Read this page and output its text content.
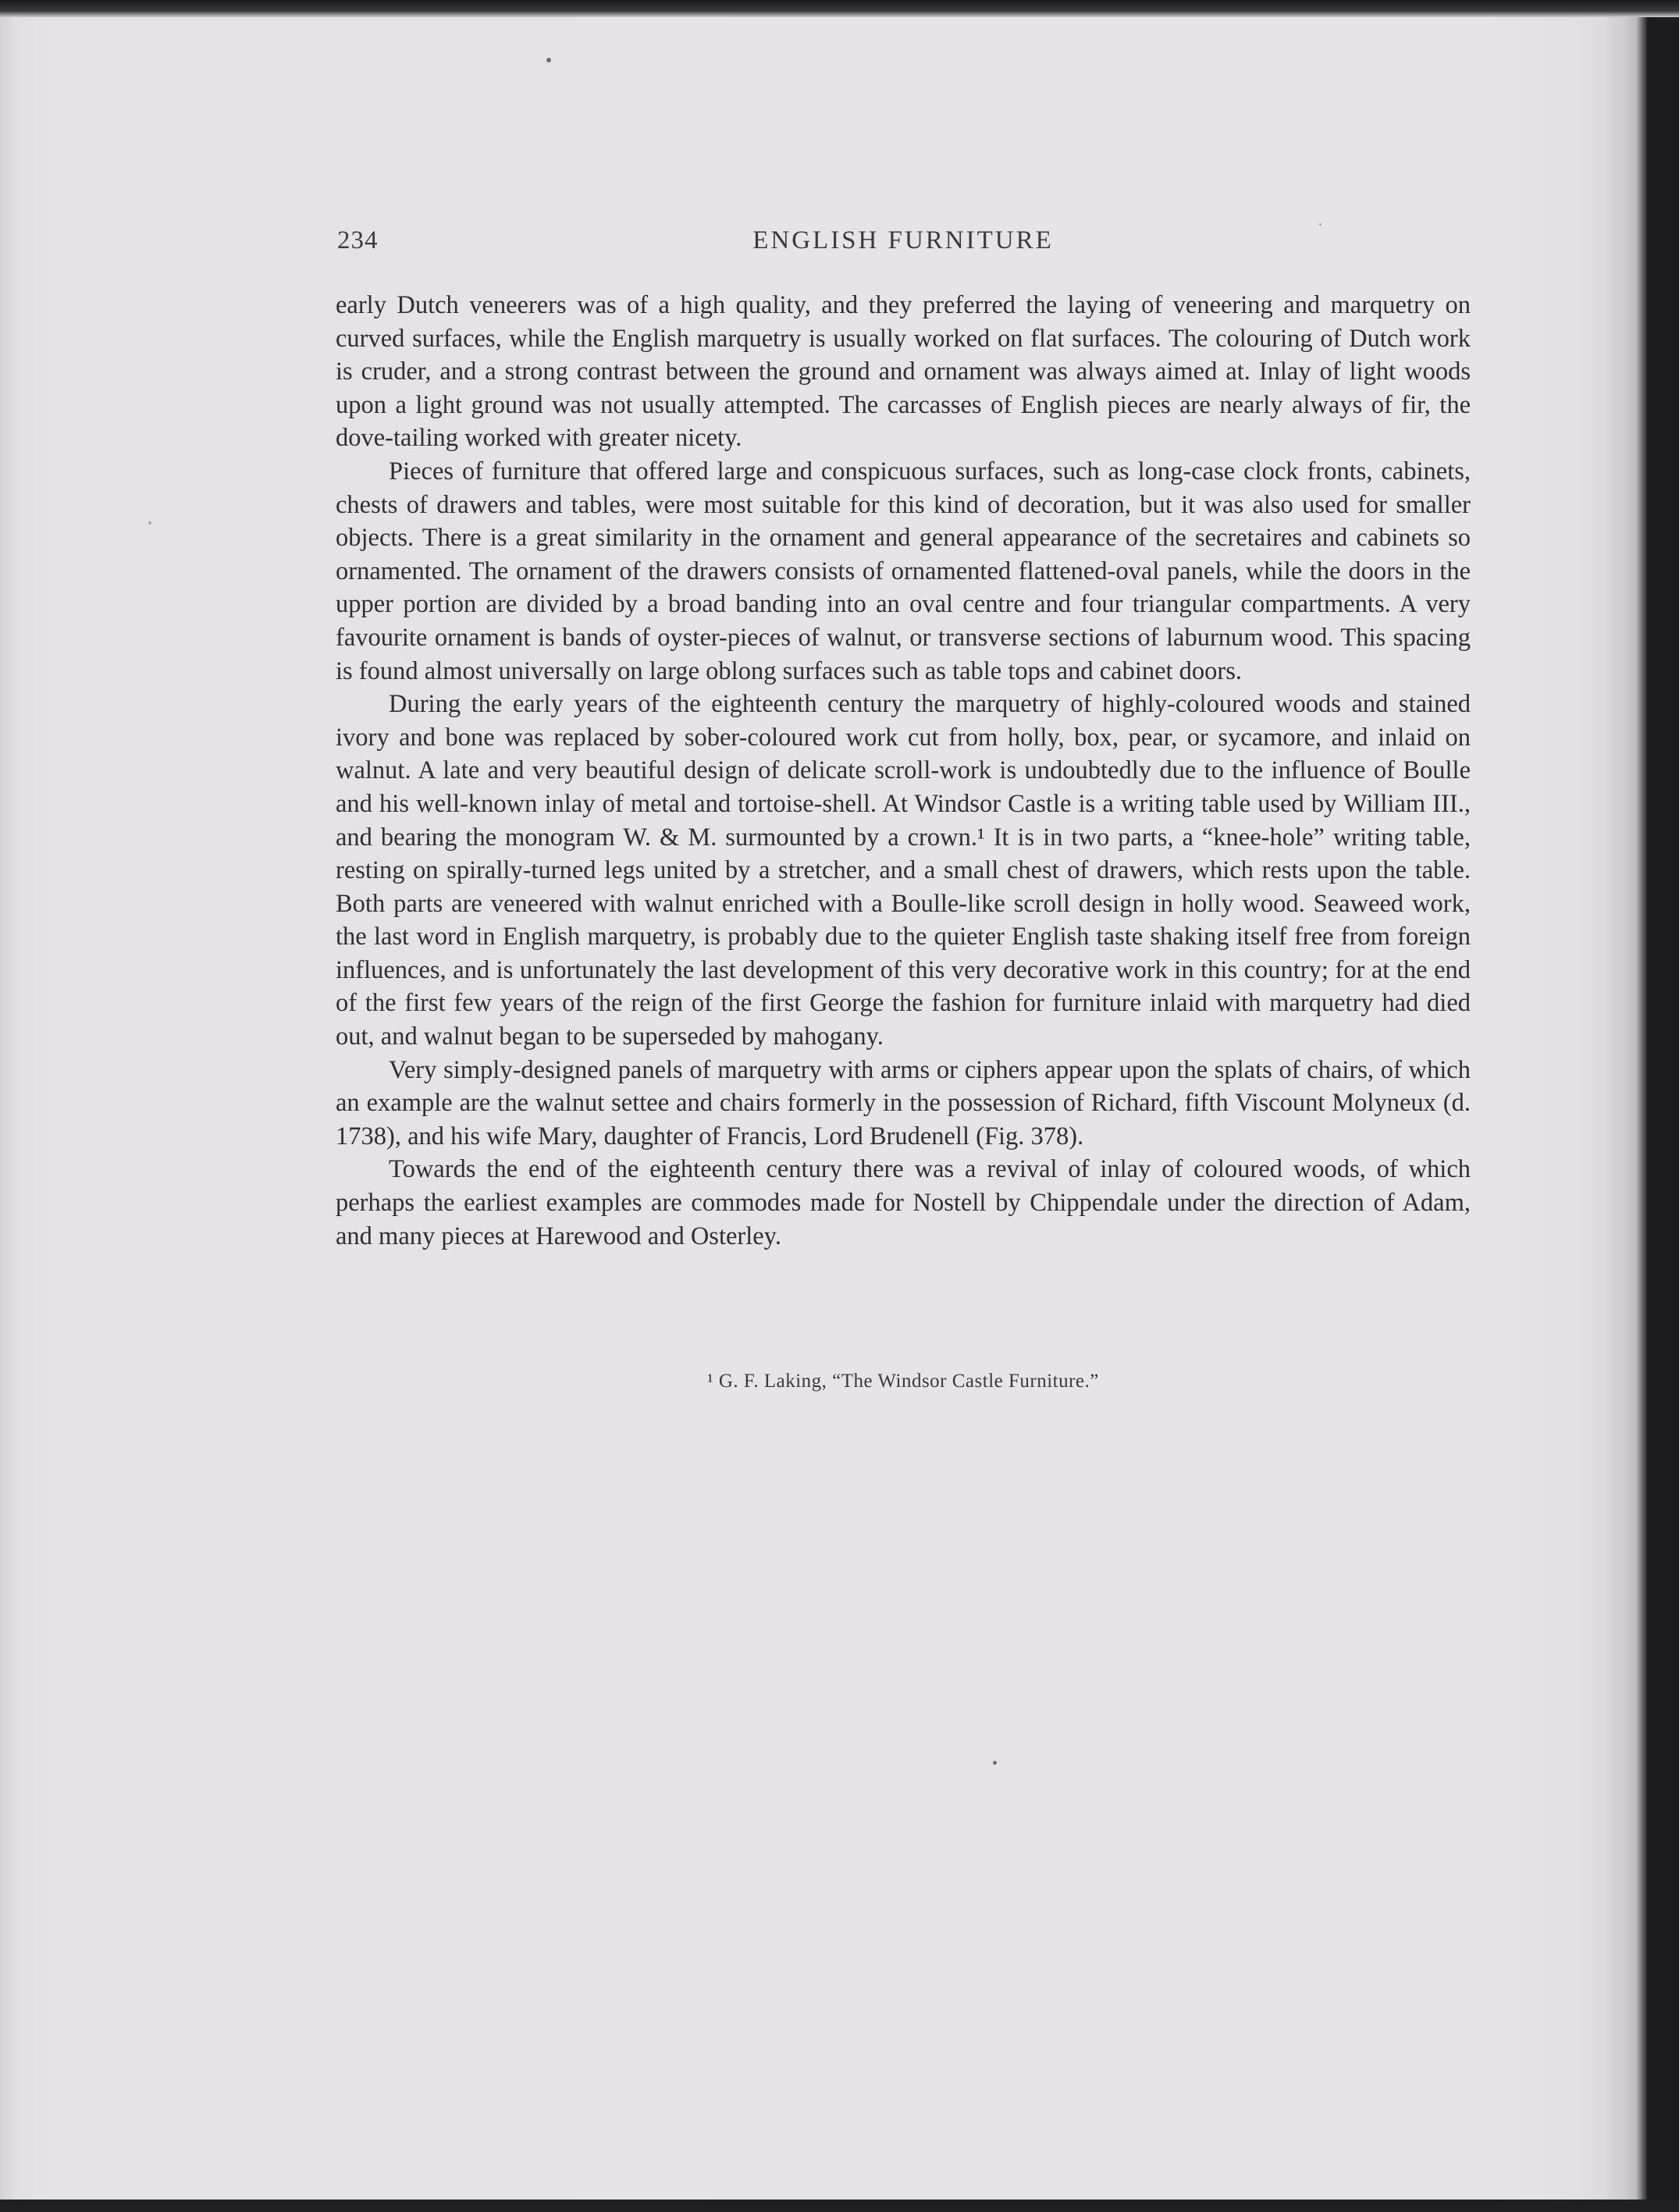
234	ENGLISH FURNITURE

early Dutch veneerers was of a high quality, and they preferred the laying of veneering and marquetry on curved surfaces, while the English marquetry is usually worked on flat surfaces. The colouring of Dutch work is cruder, and a strong contrast between the ground and ornament was always aimed at. Inlay of light woods upon a light ground was not usually attempted. The carcasses of English pieces are nearly always of fir, the dove-tailing worked with greater nicety.

Pieces of furniture that offered large and conspicuous surfaces, such as long-case clock fronts, cabinets, chests of drawers and tables, were most suitable for this kind of decoration, but it was also used for smaller objects. There is a great similarity in the ornament and general appearance of the secretaires and cabinets so ornamented. The ornament of the drawers consists of ornamented flattened-oval panels, while the doors in the upper portion are divided by a broad banding into an oval centre and four triangular compartments. A very favourite ornament is bands of oyster-pieces of walnut, or transverse sections of laburnum wood. This spacing is found almost universally on large oblong surfaces such as table tops and cabinet doors.

During the early years of the eighteenth century the marquetry of highly-coloured woods and stained ivory and bone was replaced by sober-coloured work cut from holly, box, pear, or sycamore, and inlaid on walnut. A late and very beautiful design of delicate scroll-work is undoubtedly due to the influence of Boulle and his well-known inlay of metal and tortoise-shell. At Windsor Castle is a writing table used by William III., and bearing the monogram W. & M. surmounted by a crown.¹ It is in two parts, a “knee-hole” writing table, resting on spirally-turned legs united by a stretcher, and a small chest of drawers, which rests upon the table. Both parts are veneered with walnut enriched with a Boulle-like scroll design in holly wood. Seaweed work, the last word in English marquetry, is probably due to the quieter English taste shaking itself free from foreign influences, and is unfortunately the last development of this very decorative work in this country; for at the end of the first few years of the reign of the first George the fashion for furniture inlaid with marquetry had died out, and walnut began to be superseded by mahogany.

Very simply-designed panels of marquetry with arms or ciphers appear upon the splats of chairs, of which an example are the walnut settee and chairs formerly in the possession of Richard, fifth Viscount Molyneux (d. 1738), and his wife Mary, daughter of Francis, Lord Brudenell (Fig. 378).

Towards the end of the eighteenth century there was a revival of inlay of coloured woods, of which perhaps the earliest examples are commodes made for Nostell by Chippendale under the direction of Adam, and many pieces at Harewood and Osterley.

¹ G. F. Laking, “The Windsor Castle Furniture.”
